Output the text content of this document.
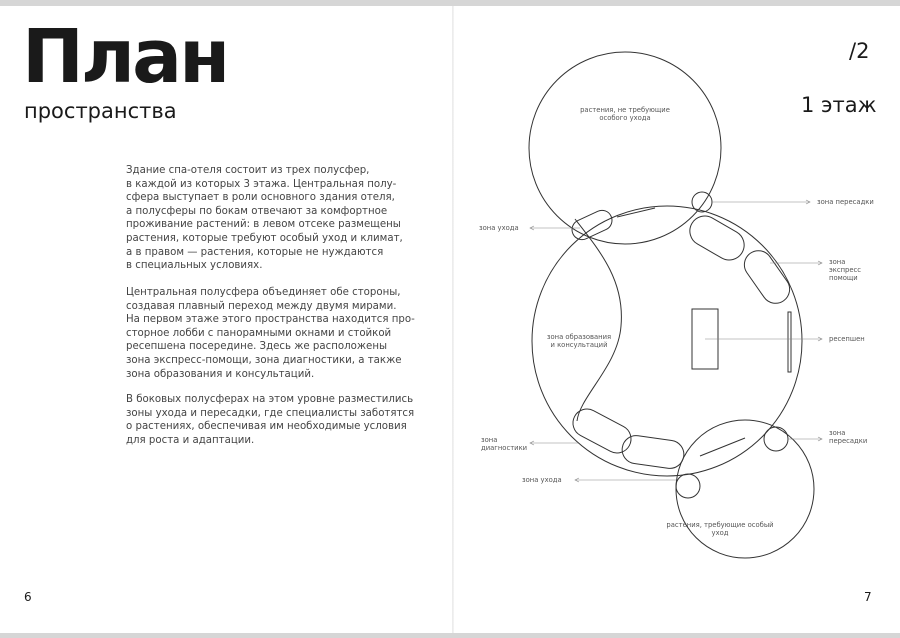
План
пространства
Здание спа-отеля состоит из трех полусфер,
в каждой из которых 3 этажа. Центральная полу-
сфера выступает в роли основного здания отеля,
а полусферы по бокам отвечают за комфортное
проживание растений: в левом отсеке размещены
растения, которые требуют особый уход и климат,
а в правом — растения, которые не нуждаются
в специальных условиях.
Центральная полусфера объединяет обе стороны,
создавая плавный переход между двумя мирами.
На первом этаже этого пространства находится про-
сторное лобби с панорамными окнами и стойкой
ресепшена посередине. Здесь же расположены
зона экспресс-помощи, зона диагностики, а также
зона образования и консультаций.
В боковых полусферах на этом уровне разместились
зоны ухода и пересадки, где специалисты заботятся
о растениях, обеспечивая им необходимые условия
для роста и адаптации.
6
/2
1 этаж
7
растения, не требующие
особого ухода
растения, требующие особый
уход
зона образования
и консультаций
зона ухода
зона пересадки
зона
экспресс
помощи
ресепшен
зона
диагностики
зона
пересадки
зона ухода
